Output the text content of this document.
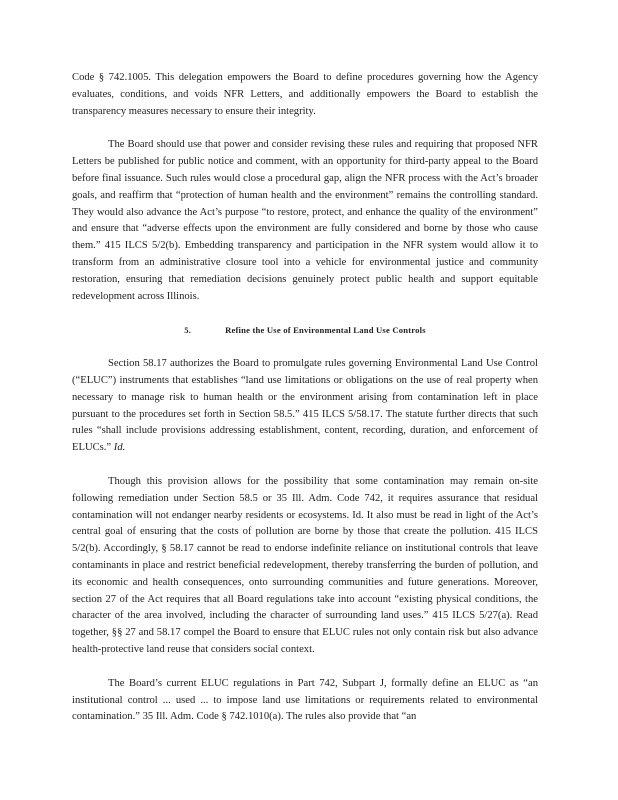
Code § 742.1005. This delegation empowers the Board to define procedures governing how the Agency evaluates, conditions, and voids NFR Letters, and additionally empowers the Board to establish the transparency measures necessary to ensure their integrity.

The Board should use that power and consider revising these rules and requiring that proposed NFR Letters be published for public notice and comment, with an opportunity for third-party appeal to the Board before final issuance. Such rules would close a procedural gap, align the NFR process with the Act’s broader goals, and reaffirm that “protection of human health and the environment” remains the controlling standard. They would also advance the Act’s purpose “to restore, protect, and enhance the quality of the environment” and ensure that “adverse effects upon the environment are fully considered and borne by those who cause them.” 415 ILCS 5/2(b). Embedding transparency and participation in the NFR system would allow it to transform from an administrative closure tool into a vehicle for environmental justice and community restoration, ensuring that remediation decisions genuinely protect public health and support equitable redevelopment across Illinois.

5.	Refine the Use of Environmental Land Use Controls

Section 58.17 authorizes the Board to promulgate rules governing Environmental Land Use Control (“ELUC”) instruments that establishes “land use limitations or obligations on the use of real property when necessary to manage risk to human health or the environment arising from contamination left in place pursuant to the procedures set forth in Section 58.5.” 415 ILCS 5/58.17. The statute further directs that such rules “shall include provisions addressing establishment, content, recording, duration, and enforcement of ELUCs.” Id.

Though this provision allows for the possibility that some contamination may remain on-site following remediation under Section 58.5 or 35 Ill. Adm. Code 742, it requires assurance that residual contamination will not endanger nearby residents or ecosystems. Id. It also must be read in light of the Act’s central goal of ensuring that the costs of pollution are borne by those that create the pollution. 415 ILCS 5/2(b). Accordingly, § 58.17 cannot be read to endorse indefinite reliance on institutional controls that leave contaminants in place and restrict beneficial redevelopment, thereby transferring the burden of pollution, and its economic and health consequences, onto surrounding communities and future generations. Moreover, section 27 of the Act requires that all Board regulations take into account “existing physical conditions, the character of the area involved, including the character of surrounding land uses.” 415 ILCS 5/27(a). Read together, §§ 27 and 58.17 compel the Board to ensure that ELUC rules not only contain risk but also advance health-protective land reuse that considers social context.

The Board’s current ELUC regulations in Part 742, Subpart J, formally define an ELUC as “an institutional control ... used ... to impose land use limitations or requirements related to environmental contamination.” 35 Ill. Adm. Code § 742.1010(a). The rules also provide that “an
